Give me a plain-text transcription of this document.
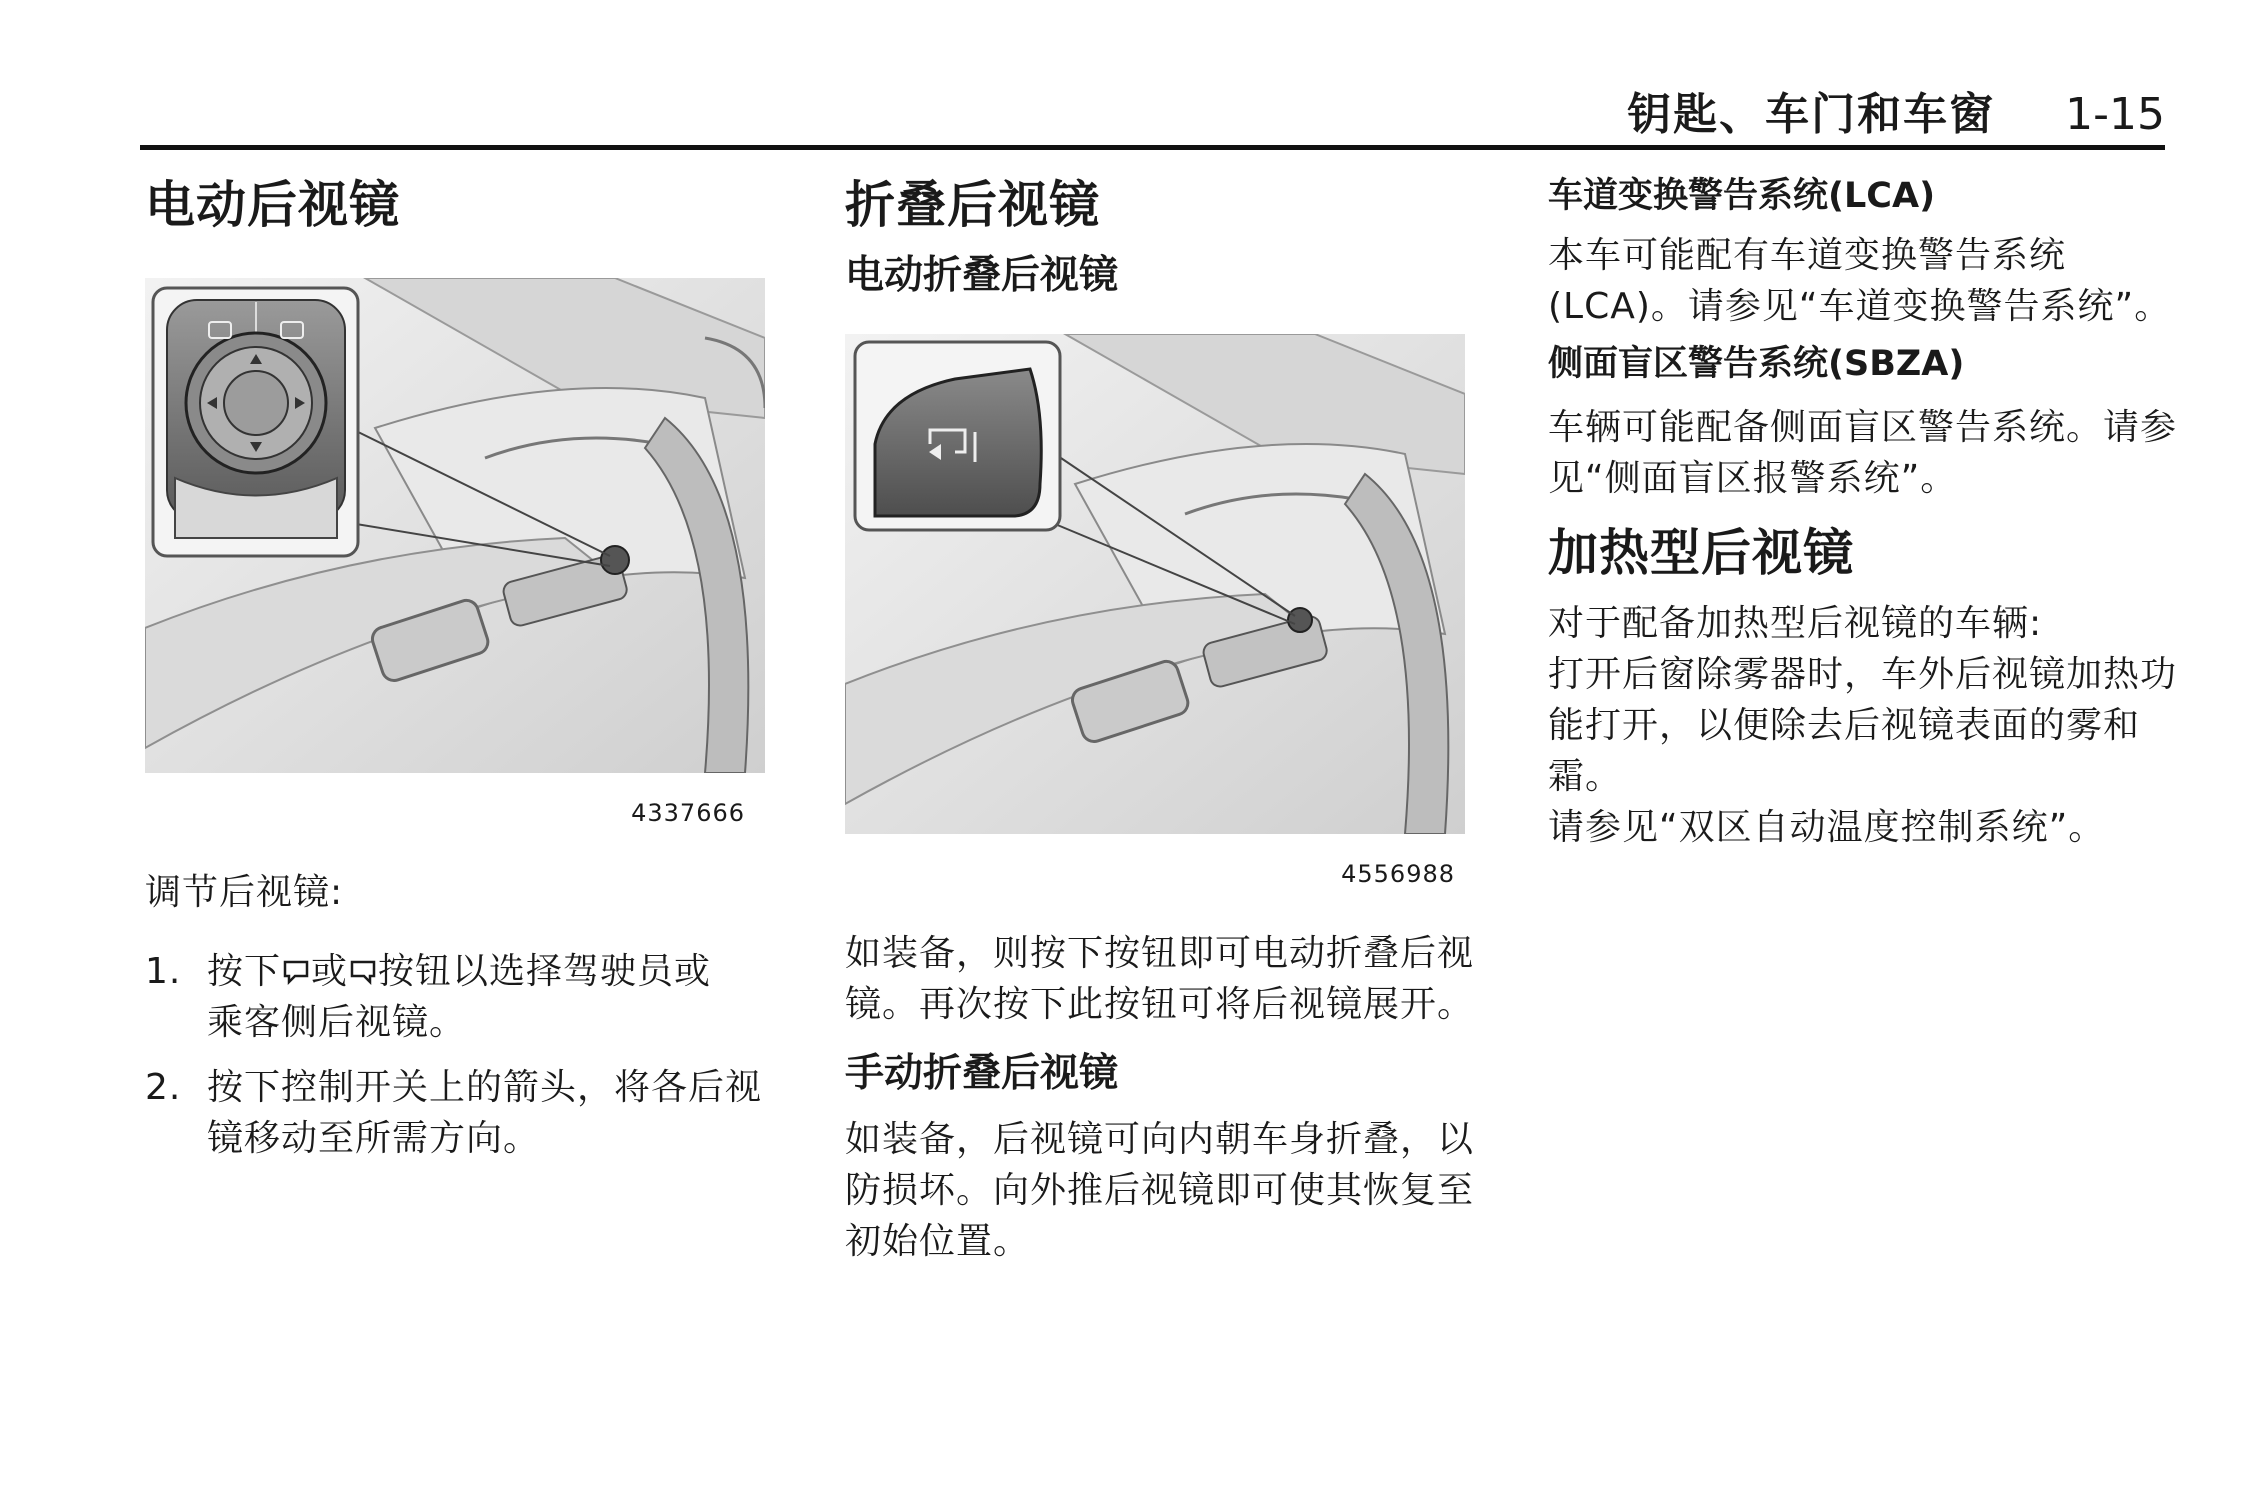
钥匙、车门和车窗 1-15
电动后视镜
4337666

调节后视镜:

1. 按下 或 按钮以选择驾驶员或
乘客侧后视镜。
2. 按下控制开关上的箭头，将各后视镜移动至所需方向。
折叠后视镜
电动折叠后视镜
4556988

如装备，则按下按钮即可电动折叠后视镜。再次按下此按钮可将后视镜展开。

手动折叠后视镜

如装备，后视镜可向内朝车身折叠，以防损坏。向外推后视镜即可使其恢复至初始位置。

车道变换警告系统(LCA)

本车可能配有车道变换警告系统(LCA)。请参见“车道变换警告系统”。

侧面盲区警告系统(SBZA)

车辆可能配备侧面盲区警告系统。请参见“侧面盲区报警系统”。

加热型后视镜

对于配备加热型后视镜的车辆:

打开后窗除雾器时，车外后视镜加热功能打开，以便除去后视镜表面的雾和霜。

请参见“双区自动温度控制系统”。
